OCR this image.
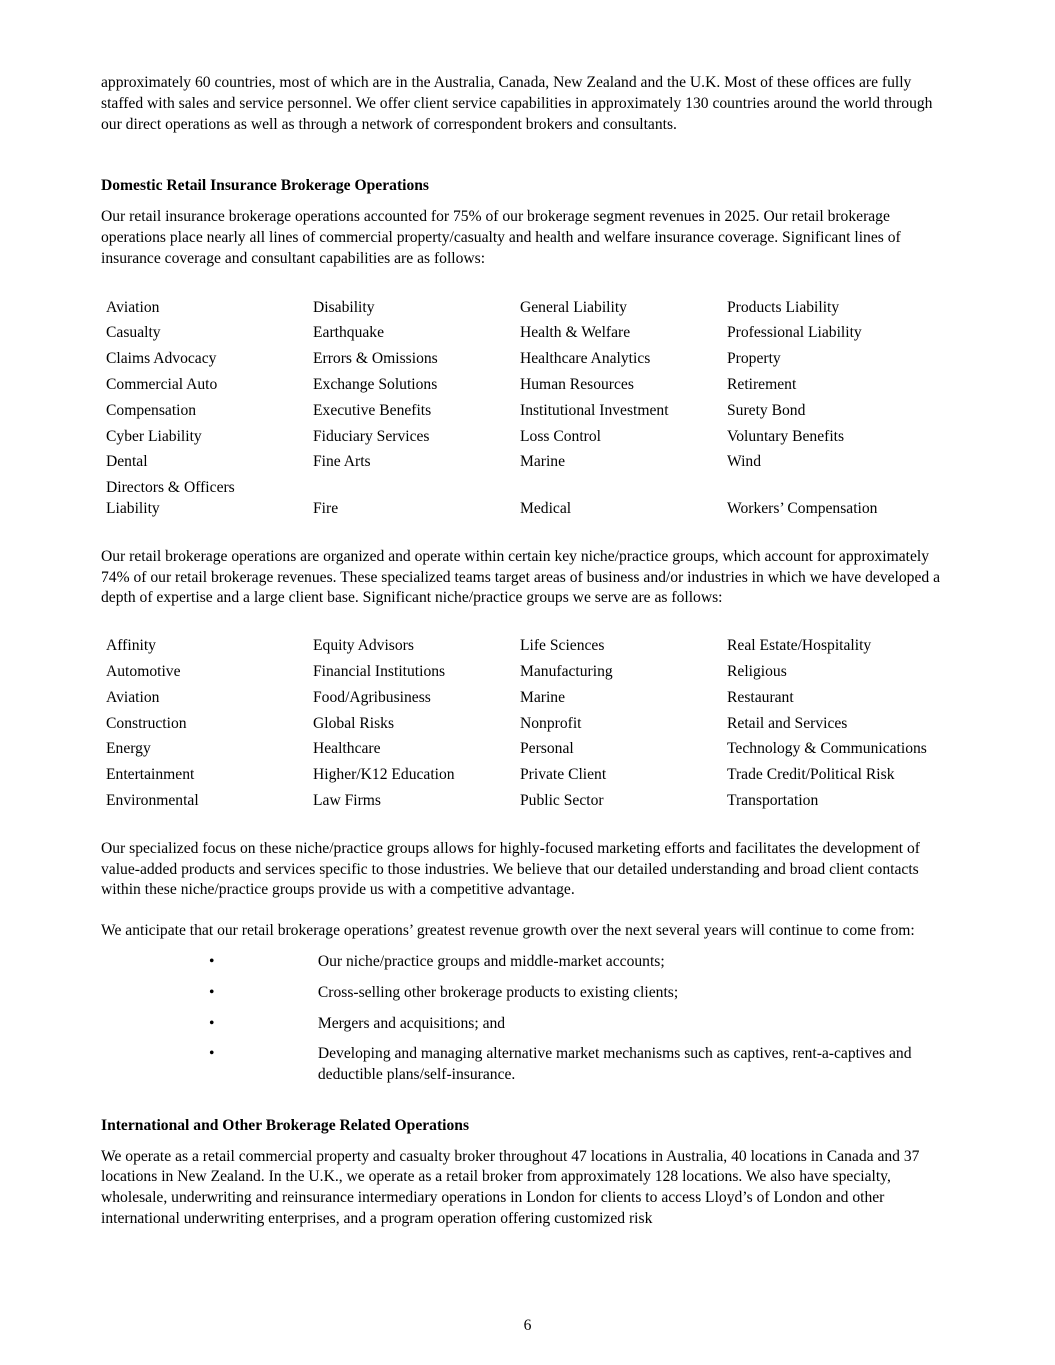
approximately 60 countries, most of which are in the Australia, Canada, New Zealand and the U.K. Most of these offices are fully staffed with sales and service personnel. We offer client service capabilities in approximately 130 countries around the world through our direct operations as well as through a network of correspondent brokers and consultants.

Domestic Retail Insurance Brokerage Operations

Our retail insurance brokerage operations accounted for 75% of our brokerage segment revenues in 2025. Our retail brokerage operations place nearly all lines of commercial property/casualty and health and welfare insurance coverage. Significant lines of insurance coverage and consultant capabilities are as follows:

Aviation	Disability	General Liability	Products Liability
Casualty	Earthquake	Health & Welfare	Professional Liability
Claims Advocacy	Errors & Omissions	Healthcare Analytics	Property
Commercial Auto	Exchange Solutions	Human Resources	Retirement
Compensation	Executive Benefits	Institutional Investment	Surety Bond
Cyber Liability	Fiduciary Services	Loss Control	Voluntary Benefits
Dental	Fine Arts	Marine	Wind
Directors & Officers
Liability	Fire	Medical	Workers’ Compensation

Our retail brokerage operations are organized and operate within certain key niche/practice groups, which account for approximately 74% of our retail brokerage revenues. These specialized teams target areas of business and/or industries in which we have developed a depth of expertise and a large client base. Significant niche/practice groups we serve are as follows:

Affinity	Equity Advisors	Life Sciences	Real Estate/Hospitality
Automotive	Financial Institutions	Manufacturing	Religious
Aviation	Food/Agribusiness	Marine	Restaurant
Construction	Global Risks	Nonprofit	Retail and Services
Energy	Healthcare	Personal	Technology & Communications
Entertainment	Higher/K12 Education	Private Client	Trade Credit/Political Risk
Environmental	Law Firms	Public Sector	Transportation

Our specialized focus on these niche/practice groups allows for highly-focused marketing efforts and facilitates the development of value-added products and services specific to those industries. We believe that our detailed understanding and broad client contacts within these niche/practice groups provide us with a competitive advantage.

We anticipate that our retail brokerage operations’ greatest revenue growth over the next several years will continue to come from:

•	Our niche/practice groups and middle-market accounts;
•	Cross-selling other brokerage products to existing clients;
•	Mergers and acquisitions; and
•	Developing and managing alternative market mechanisms such as captives, rent-a-captives and deductible plans/self-insurance.
International and Other Brokerage Related Operations

We operate as a retail commercial property and casualty broker throughout 47 locations in Australia, 40 locations in Canada and 37 locations in New Zealand. In the U.K., we operate as a retail broker from approximately 128 locations. We also have specialty, wholesale, underwriting and reinsurance intermediary operations in London for clients to access Lloyd’s of London and other international underwriting enterprises, and a program operation offering customized risk

6
